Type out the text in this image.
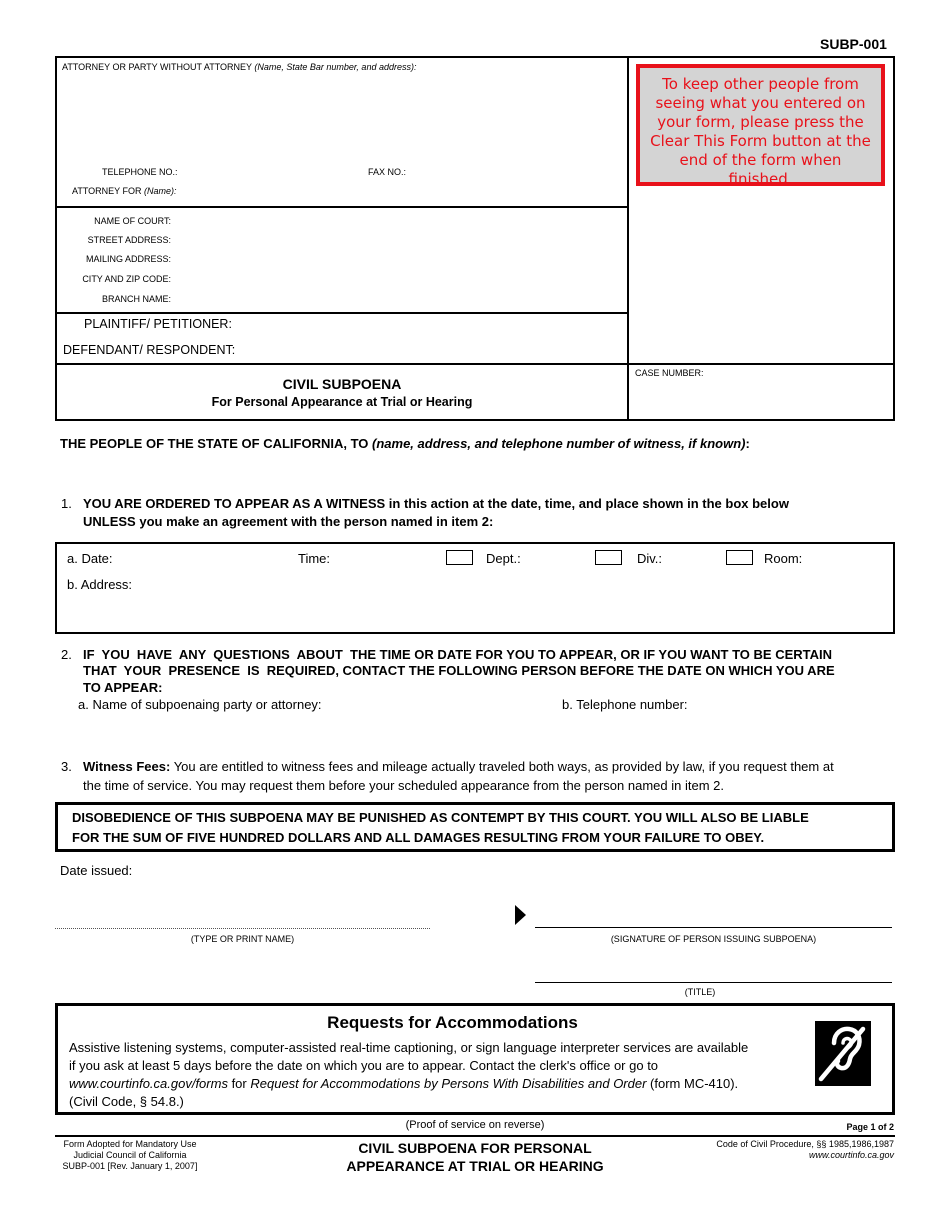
SUBP-001
ATTORNEY OR PARTY WITHOUT ATTORNEY (Name, State Bar number, and address):
TELEPHONE NO.:	FAX NO.:
ATTORNEY FOR (Name):
NAME OF COURT:
STREET ADDRESS:
MAILING ADDRESS:
CITY AND ZIP CODE:
BRANCH NAME:
PLAINTIFF/ PETITIONER:
DEFENDANT/ RESPONDENT:
CIVIL SUBPOENA
For Personal Appearance at Trial or Hearing
CASE NUMBER:
To keep other people from seeing what you entered on your form, please press the Clear This Form button at the end of the form when finished.
THE PEOPLE OF THE STATE OF CALIFORNIA, TO (name, address, and telephone number of witness, if known):
1. YOU ARE ORDERED TO APPEAR AS A WITNESS in this action at the date, time, and place shown in the box below
UNLESS you make an agreement with the person named in item 2:
a. Date:	Time:	Dept.:	Div.:	Room:
b. Address:
2. IF  YOU  HAVE  ANY  QUESTIONS  ABOUT  THE TIME OR DATE FOR YOU TO APPEAR, OR IF YOU WANT TO BE CERTAIN
THAT  YOUR  PRESENCE  IS  REQUIRED, CONTACT THE FOLLOWING PERSON BEFORE THE DATE ON WHICH YOU ARE
TO APPEAR:
a. Name of subpoenaing party or attorney:	b. Telephone number:
3. Witness Fees: You are entitled to witness fees and mileage actually traveled both ways, as provided by law, if you request them at
the time of service. You may request them before your scheduled appearance from the person named in item 2.
DISOBEDIENCE OF THIS SUBPOENA MAY BE PUNISHED AS CONTEMPT BY THIS COURT. YOU WILL ALSO BE LIABLE
FOR THE SUM OF FIVE HUNDRED DOLLARS AND ALL DAMAGES RESULTING FROM YOUR FAILURE TO OBEY.
Date issued:
(TYPE OR PRINT NAME)	(SIGNATURE OF PERSON ISSUING SUBPOENA)
(TITLE)
Requests for Accommodations
Assistive listening systems, computer-assisted real-time captioning, or sign language interpreter services are available
if you ask at least 5 days before the date on which you are to appear. Contact the clerk's office or go to
www.courtinfo.ca.gov/forms for Request for Accommodations by Persons With Disabilities and Order (form MC-410).
(Civil Code, § 54.8.)
(Proof of service on reverse)	Page 1 of 2
Form Adopted for Mandatory Use
Judicial Council of California
SUBP-001 [Rev. January 1, 2007]
CIVIL SUBPOENA FOR PERSONAL
APPEARANCE AT TRIAL OR HEARING
Code of Civil Procedure, §§ 1985,1986,1987
www.courtinfo.ca.gov
